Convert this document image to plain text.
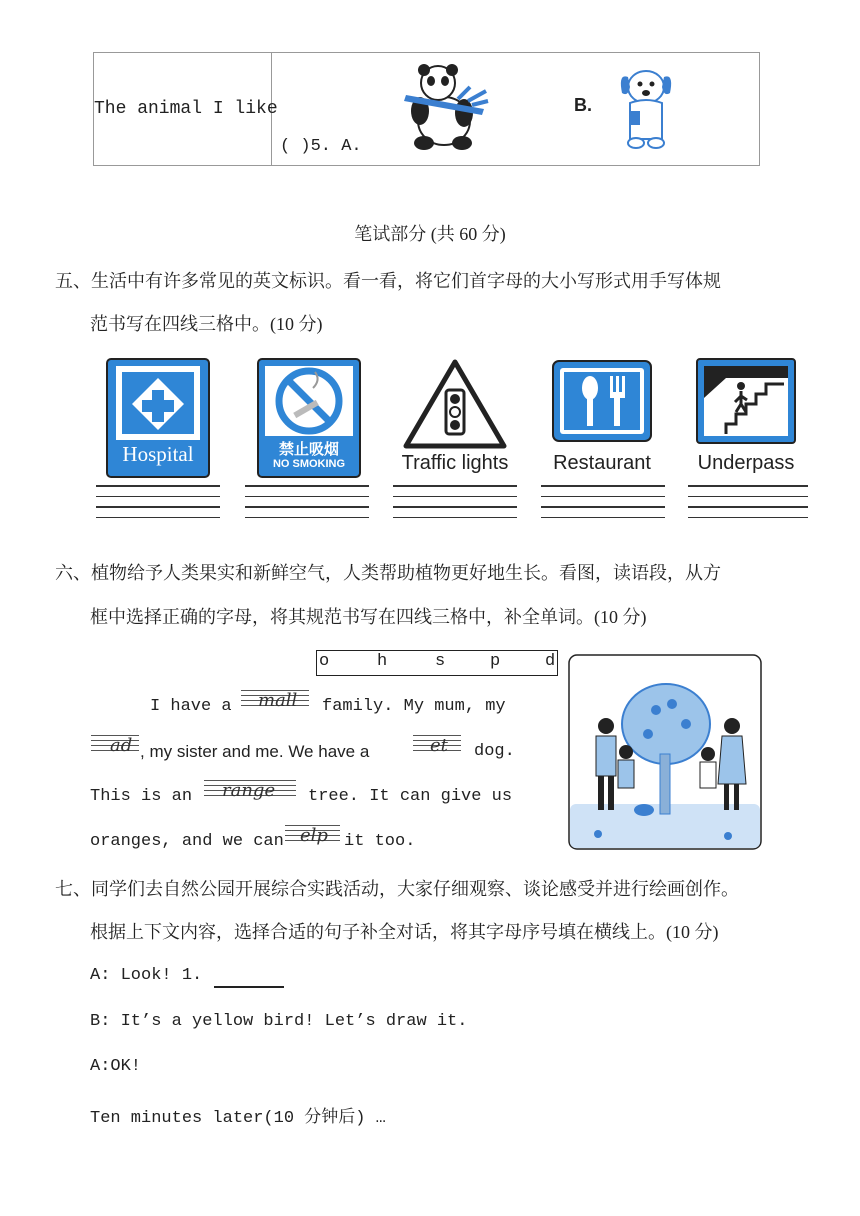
The animal I like
( )5. A.
B.
笔试部分 (共 60 分)
五、生活中有许多常见的英文标识。看一看，将它们首字母的大小写形式用手写体规
范书写在四线三格中。(10 分)
Hospital	禁止吸烟
NO SMOKING	Traffic lights	Restaurant	Underpass
六、植物给予人类果实和新鲜空气，人类帮助植物更好地生长。看图，读语段，从方
框中选择正确的字母，将其规范书写在四线三格中，补全单词。(10 分)
o	h	s	p	d
I have a mall family. My mum, my
ad , my sister and me. We have a	et dog.
This is an range tree. It can give us
oranges, and we can elp it too.
七、同学们去自然公园开展综合实践活动，大家仔细观察、谈论感受并进行绘画创作。
根据上下文内容，选择合适的句子补全对话，将其字母序号填在横线上。(10 分)
A: Look! 1.
B: It’s a yellow bird! Let’s draw it.
A:OK!
Ten minutes later(10 分钟后) …
